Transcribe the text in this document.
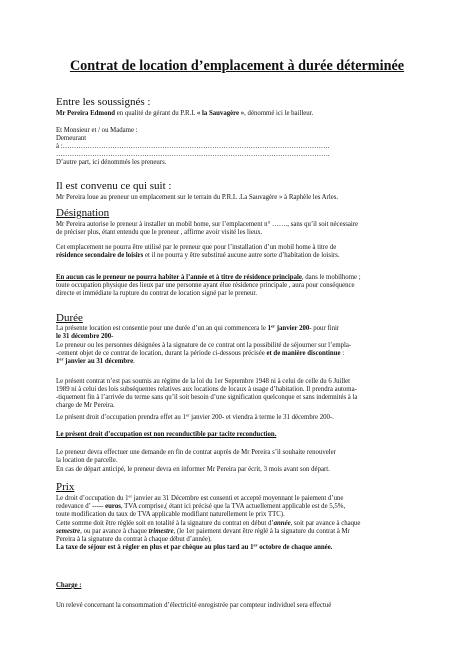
Contrat de location d’emplacement à durée déterminée
Entre les soussignés :
Mr Pereira Edmond en qualité de gérant du P.R.L « la Sauvagère », dénommé ici le bailleur.
Et Monsieur et / ou Madame :
Demeurant
à :……………………………………………………………………………………………………….
………………………………………………………………………………………………………….
D’autre part, ici dénommés les preneurs.
Il est convenu ce qui suit :
Mr Pereira loue au preneur un emplacement sur le terrain du P.R.L .La Sauvagère » à Raphèle les Arles.
Désignation
Mr Pereira autorise le preneur à installer un mobil home, sur l’emplacement n° ……., sans qu’il soit nécessaire
de préciser plus, étant entendu que le preneur , affirme avoir visité les lieux.
Cet emplacement ne pourra être utilisé par le preneur que pour l’installation d’un mobil home à titre de
résidence secondaire de loisirs et il ne pourra y être substitué aucune autre sorte d’habitation de loisirs.
En aucun cas le preneur ne pourra habiter à l’année et à titre de résidence principale, dans le mobilhome ;
toute occupation physique des lieux par une personne ayant élue résidence principale , aura pour conséquence
directe et immédiate la rupture du contrat de location signé par le preneur.
Durée
La présente location est consentie pour une durée d’un an qui commencera le 1er janvier 200- pour finir
le 31 décembre 200-
Le preneur ou les personnes désignées à la signature de ce contrat ont la possibilité de séjourner sur l’empla-
-cement objet de ce contrat de location, durant la période ci-dessous précisée et de manière discontinue :
1er janvier au 31 décembre.
Le présent contrat n’est pas soumis au régime de la loi du 1er Septembre 1948 ni à celui de celle du 6 Juillet
1989 ni à celui des lois subséquentes relatives aux locations de locaux à usage d’habitation. Il prendra automa-
-tiquement fin à l’arrivée du terme sans qu’il soit besoin d’une signification quelconque et sans indemnités à la
charge de Mr Pereira.
Le présent droit d’occupation prendra effet au 1er janvier 200- et viendra à terme le 31 décembre 200-.
Le présent droit d’occupation est non reconductible par tacite reconduction.
Le preneur devra effectuer une demande en fin de contrat auprès de Mr Pereira s’il souhaite renouveler
la location de parcelle.
En cas de départ anticipé, le preneur devra en informer Mr Pereira par écrit, 3 mois avant son départ.
Prix
Le droit d’occupation du 1er janvier au 31 Décembre est consenti et accepté moyennant le paiement d’une
redevance d’ ----- euros, TVA comprise,( étant ici précisé que la TVA actuellement applicable est de 5,5%,
toute modification du taux de TVA applicable modifiant naturellement le prix TTC).
Cette somme doit être réglée soit en totalité à la signature du contrat en début d’année, soit par avance à chaque
semestre, ou par avance à chaque trimestre, (le 1er paiement devant être réglé à la signature du contrat à Mr
Pereira à la signature du contrat à chaque début d’année).
La taxe de séjour est à régler en plus et par chèque au plus tard au 1er octobre de chaque année.
Charge :
Un relevé concernant la consommation d’électricité enregistrée par compteur individuel sera effectué
